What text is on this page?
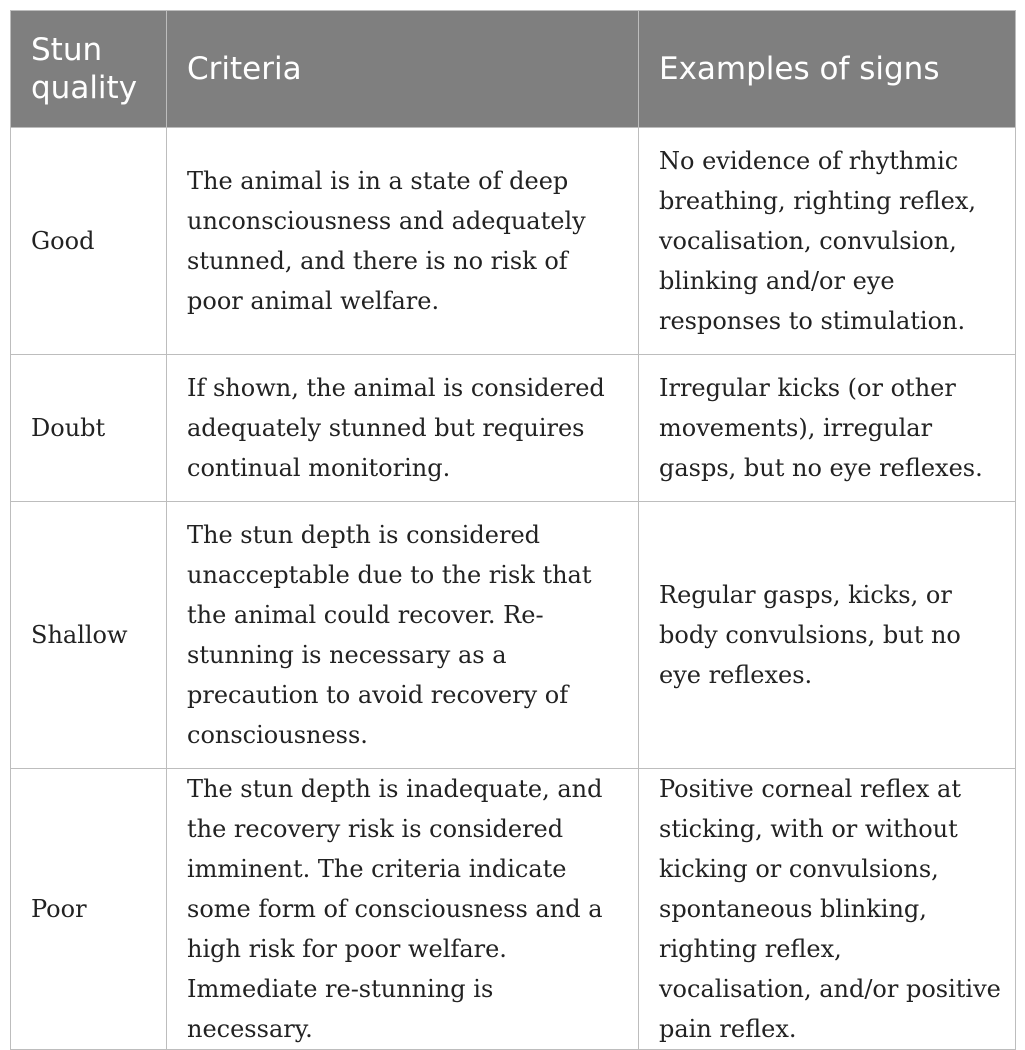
Stun quality	Criteria	Examples of signs
Good	The animal is in a state of deep unconsciousness and adequately stunned, and there is no risk of poor animal welfare.	No evidence of rhythmic breathing, righting reflex, vocalisation, convulsion, blinking and/or eye responses to stimulation.
Doubt	If shown, the animal is considered adequately stunned but requires continual monitoring.	Irregular kicks (or other movements), irregular gasps, but no eye reflexes.
Shallow	The stun depth is considered unacceptable due to the risk that the animal could recover. Re-stunning is necessary as a precaution to avoid recovery of consciousness.	Regular gasps, kicks, or body convulsions, but no eye reflexes.
Poor	The stun depth is inadequate, and the recovery risk is considered imminent. The criteria indicate some form of consciousness and a high risk for poor welfare. Immediate re-stunning is necessary.	Positive corneal reflex at sticking, with or without kicking or convulsions, spontaneous blinking, righting reflex, vocalisation, and/or positive pain reflex.
